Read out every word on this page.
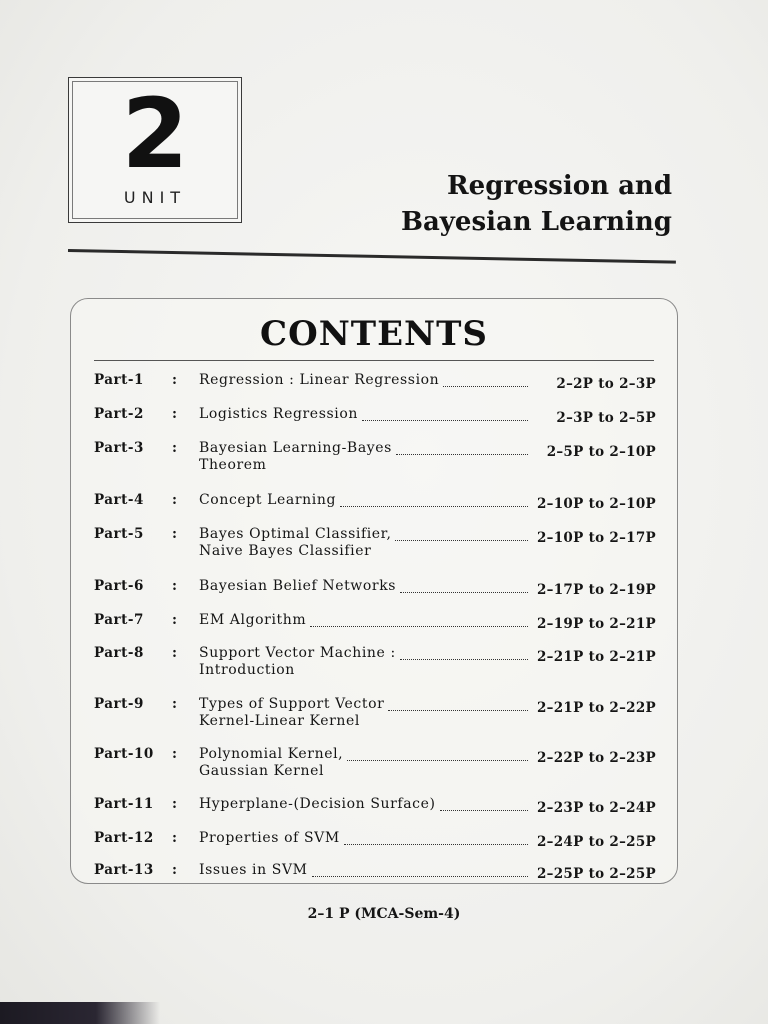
2
UNIT	Regression and
Bayesian Learning
CONTENTS
Part-1 : Regression : Linear Regression	2–2P to 2–3P
Part-2 : Logistics Regression	2–3P to 2–5P
Part-3 : Bayesian Learning-Bayes
Theorem
2–5P to 2–10P
Part-4 : Concept Learning	2–10P to 2–10P
Part-5 : Bayes Optimal Classifier,
Naive Bayes Classifier
2–10P to 2–17P
Part-6 : Bayesian Belief Networks	2–17P to 2–19P
Part-7 : EM Algorithm	2–19P to 2–21P
Part-8 : Support Vector Machine :
Introduction
2–21P to 2–21P
Part-9 : Types of Support Vector
Kernel-Linear Kernel
2–21P to 2–22P
Part-10 : Polynomial Kernel,
Gaussian Kernel
2–22P to 2–23P
Part-11 : Hyperplane-(Decision Surface)	2–23P to 2–24P
Part-12 : Properties of SVM	2–24P to 2–25P
Part-13 : Issues in SVM	2–25P to 2–25P
2–1 P (MCA-Sem-4)
